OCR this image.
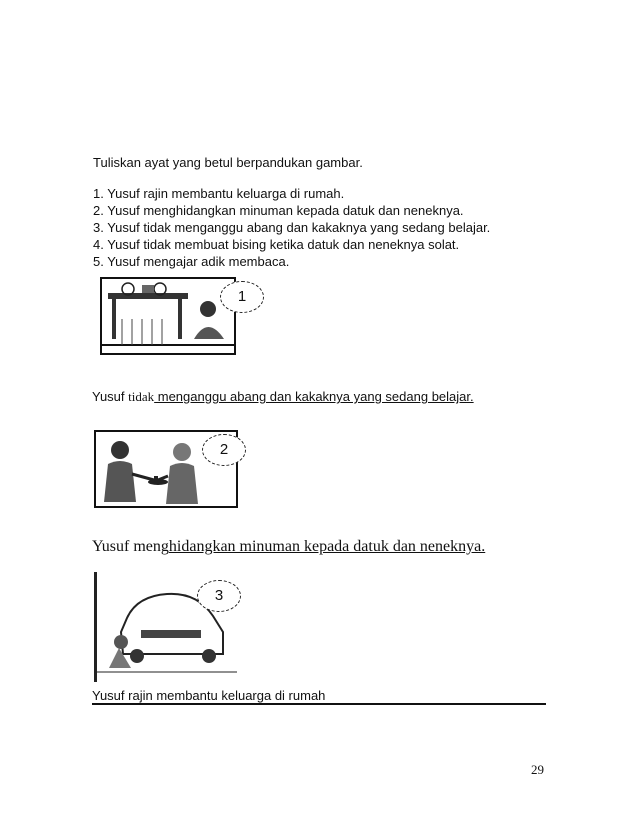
Tuliskan ayat yang betul berpandukan gambar.
1. Yusuf rajin membantu keluarga di rumah.
2. Yusuf menghidangkan minuman kepada datuk dan neneknya.
3. Yusuf tidak menganggu abang dan kakaknya yang sedang belajar.
4. Yusuf tidak membuat bising ketika datuk dan neneknya solat.
5. Yusuf mengajar adik membaca.
1
Yusuf tidak menganggu abang dan kakaknya yang sedang belajar.
2
Yusuf menghidangkan minuman kepada datuk dan neneknya.
3
Yusuf rajin membantu keluarga di rumah
29
